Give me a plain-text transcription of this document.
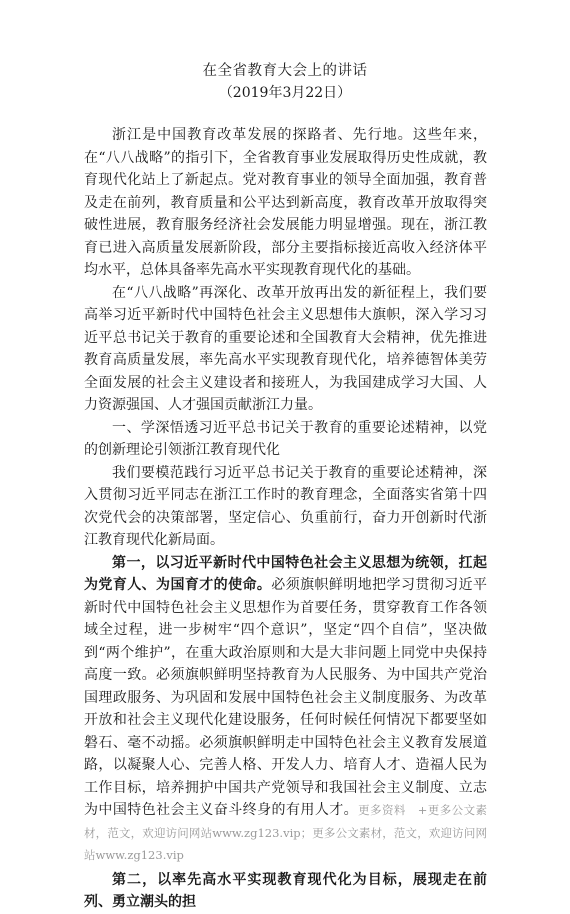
在全省教育大会上的讲话
（2019年3月22日）

浙江是中国教育改革发展的探路者、先行地。这些年来，在“八八战略”的指引下，全省教育事业发展取得历史性成就，教育现代化站上了新起点。党对教育事业的领导全面加强，教育普及走在前列，教育质量和公平达到新高度，教育改革开放取得突破性进展，教育服务经济社会发展能力明显增强。现在，浙江教育已进入高质量发展新阶段，部分主要指标接近高收入经济体平均水平，总体具备率先高水平实现教育现代化的基础。

在“八八战略”再深化、改革开放再出发的新征程上，我们要高举习近平新时代中国特色社会主义思想伟大旗帜，深入学习习近平总书记关于教育的重要论述和全国教育大会精神，优先推进教育高质量发展，率先高水平实现教育现代化，培养德智体美劳全面发展的社会主义建设者和接班人，为我国建成学习大国、人力资源强国、人才强国贡献浙江力量。

一、学深悟透习近平总书记关于教育的重要论述精神，以党的创新理论引领浙江教育现代化

我们要模范践行习近平总书记关于教育的重要论述精神，深入贯彻习近平同志在浙江工作时的教育理念，全面落实省第十四次党代会的决策部署，坚定信心、负重前行，奋力开创新时代浙江教育现代化新局面。

第一，以习近平新时代中国特色社会主义思想为统领，扛起为党育人、为国育才的使命。必须旗帜鲜明地把学习贯彻习近平新时代中国特色社会主义思想作为首要任务，贯穿教育工作各领域全过程，进一步树牢“四个意识”，坚定“四个自信”，坚决做到“两个维护”，在重大政治原则和大是大非问题上同党中央保持高度一致。必须旗帜鲜明坚持教育为人民服务、为中国共产党治国理政服务、为巩固和发展中国特色社会主义制度服务、为改革开放和社会主义现代化建设服务，任何时候任何情况下都要坚如磐石、毫不动摇。必须旗帜鲜明走中国特色社会主义教育发展道路，以凝聚人心、完善人格、开发人力、培育人才、造福人民为工作目标，培养拥护中国共产党领导和我国社会主义制度、立志为中国特色社会主义奋斗终身的有用人才。更多资料　+更多公文素材，范文，欢迎访问网站www.zg123.vip；更多公文素材，范文，欢迎访问网站www.zg123.vip

第二，以率先高水平实现教育现代化为目标，展现走在前列、勇立潮头的担
